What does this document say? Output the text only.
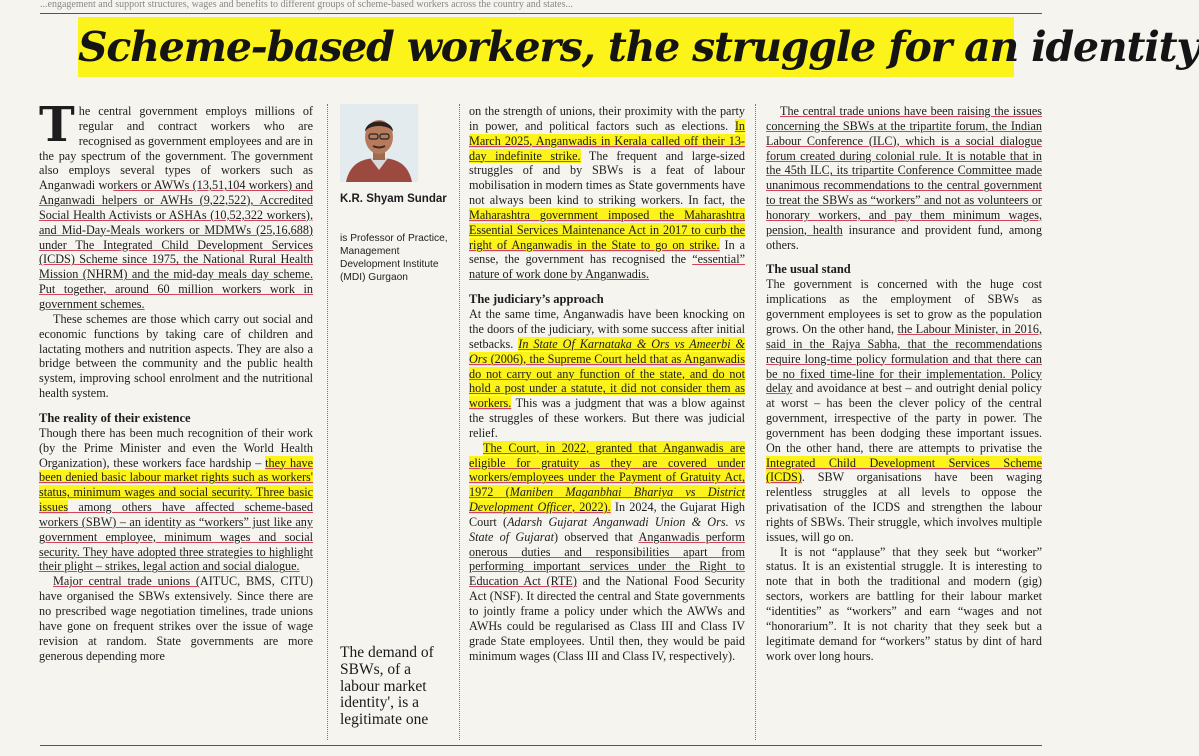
...engagement and support structures, wages and benefits to different groups of scheme-based workers across the country and states...
Scheme-based workers, the struggle for an identity

The central government employs millions of regular and contract workers who are recognised as government employees and are in the pay spectrum of the government. The government also employs several types of workers such as Anganwadi workers or AWWs (13,51,104 workers) and Anganwadi helpers or AWHs (9,22,522), Accredited Social Health Activists or ASHAs (10,52,322 workers), and Mid-Day-Meals workers or MDMWs (25,16,688) under The Integrated Child Development Services (ICDS) Scheme since 1975, the National Rural Health Mission (NHRM) and the mid-day meals day scheme. Put together, around 60 million workers work in government schemes.

These schemes are those which carry out social and economic functions by taking care of children and lactating mothers and nutrition aspects. They are also a bridge between the community and the public health system, improving school enrolment and the nutritional health system.

The reality of their existence

Though there has been much recognition of their work (by the Prime Minister and even the World Health Organization), these workers face hardship – they have been denied basic labour market rights such as workers' status, minimum wages and social security. Three basic issues among others have affected scheme-based workers (SBW) – an identity as “workers” just like any government employee, minimum wages and social security. They have adopted three strategies to highlight their plight – strikes, legal action and social dialogue.

Major central trade unions (AITUC, BMS, CITU) have organised the SBWs extensively. Since there are no prescribed wage negotiation timelines, trade unions have gone on frequent strikes over the issue of wage revision at random. State governments are more generous depending more

K.R. Shyam Sundar
is Professor of Practice, Management Development Institute (MDI) Gurgaon
The demand of SBWs, of a labour market identity', is a legitimate one

on the strength of unions, their proximity with the party in power, and political factors such as elections. In March 2025, Anganwadis in Kerala called off their 13-day indefinite strike. The frequent and large-sized struggles of and by SBWs is a feat of labour mobilisation in modern times as State governments have not always been kind to striking workers. In fact, the Maharashtra government imposed the Maharashtra Essential Services Maintenance Act in 2017 to curb the right of Anganwadis in the State to go on strike. In a sense, the government has recognised the “essential” nature of work done by Anganwadis.

The judiciary’s approach

At the same time, Anganwadis have been knocking on the doors of the judiciary, with some success after initial setbacks. In State Of Karnataka & Ors vs Ameerbi & Ors (2006), the Supreme Court held that as Anganwadis do not carry out any function of the state, and do not hold a post under a statute, it did not consider them as workers. This was a judgment that was a blow against the struggles of these workers. But there was judicial relief.

The Court, in 2022, granted that Anganwadis are eligible for gratuity as they are covered under workers/employees under the Payment of Gratuity Act, 1972 (Maniben Maganbhai Bhariya vs District Development Officer, 2022). In 2024, the Gujarat High Court (Adarsh Gujarat Anganwadi Union & Ors. vs State of Gujarat) observed that Anganwadis perform onerous duties and responsibilities apart from performing important services under the Right to Education Act (RTE) and the National Food Security Act (NSF). It directed the central and State governments to jointly frame a policy under which the AWWs and AWHs could be regularised as Class III and Class IV grade State employees. Until then, they would be paid minimum wages (Class III and Class IV, respectively).

The central trade unions have been raising the issues concerning the SBWs at the tripartite forum, the Indian Labour Conference (ILC), which is a social dialogue forum created during colonial rule. It is notable that in the 45th ILC, its tripartite Conference Committee made unanimous recommendations to the central government to treat the SBWs as “workers” and not as volunteers or honorary workers, and pay them minimum wages, pension, health insurance and provident fund, among others.

The usual stand

The government is concerned with the huge cost implications as the employment of SBWs as government employees is set to grow as the population grows. On the other hand, the Labour Minister, in 2016, said in the Rajya Sabha, that the recommendations require long-time policy formulation and that there can be no fixed time-line for their implementation. Policy delay and avoidance at best – and outright denial policy at worst – has been the clever policy of the central government, irrespective of the party in power. The government has been dodging these important issues. On the other hand, there are attempts to privatise the Integrated Child Development Services Scheme (ICDS). SBW organisations have been waging relentless struggles at all levels to oppose the privatisation of the ICDS and strengthen the labour rights of SBWs. Their struggle, which involves multiple issues, will go on.

It is not “applause” that they seek but “worker” status. It is an existential struggle. It is interesting to note that in both the traditional and modern (gig) sectors, workers are battling for their labour market “identities” as “workers” and earn “wages and not “honorarium”. It is not charity that they seek but a legitimate demand for “workers” status by dint of hard work over long hours.
